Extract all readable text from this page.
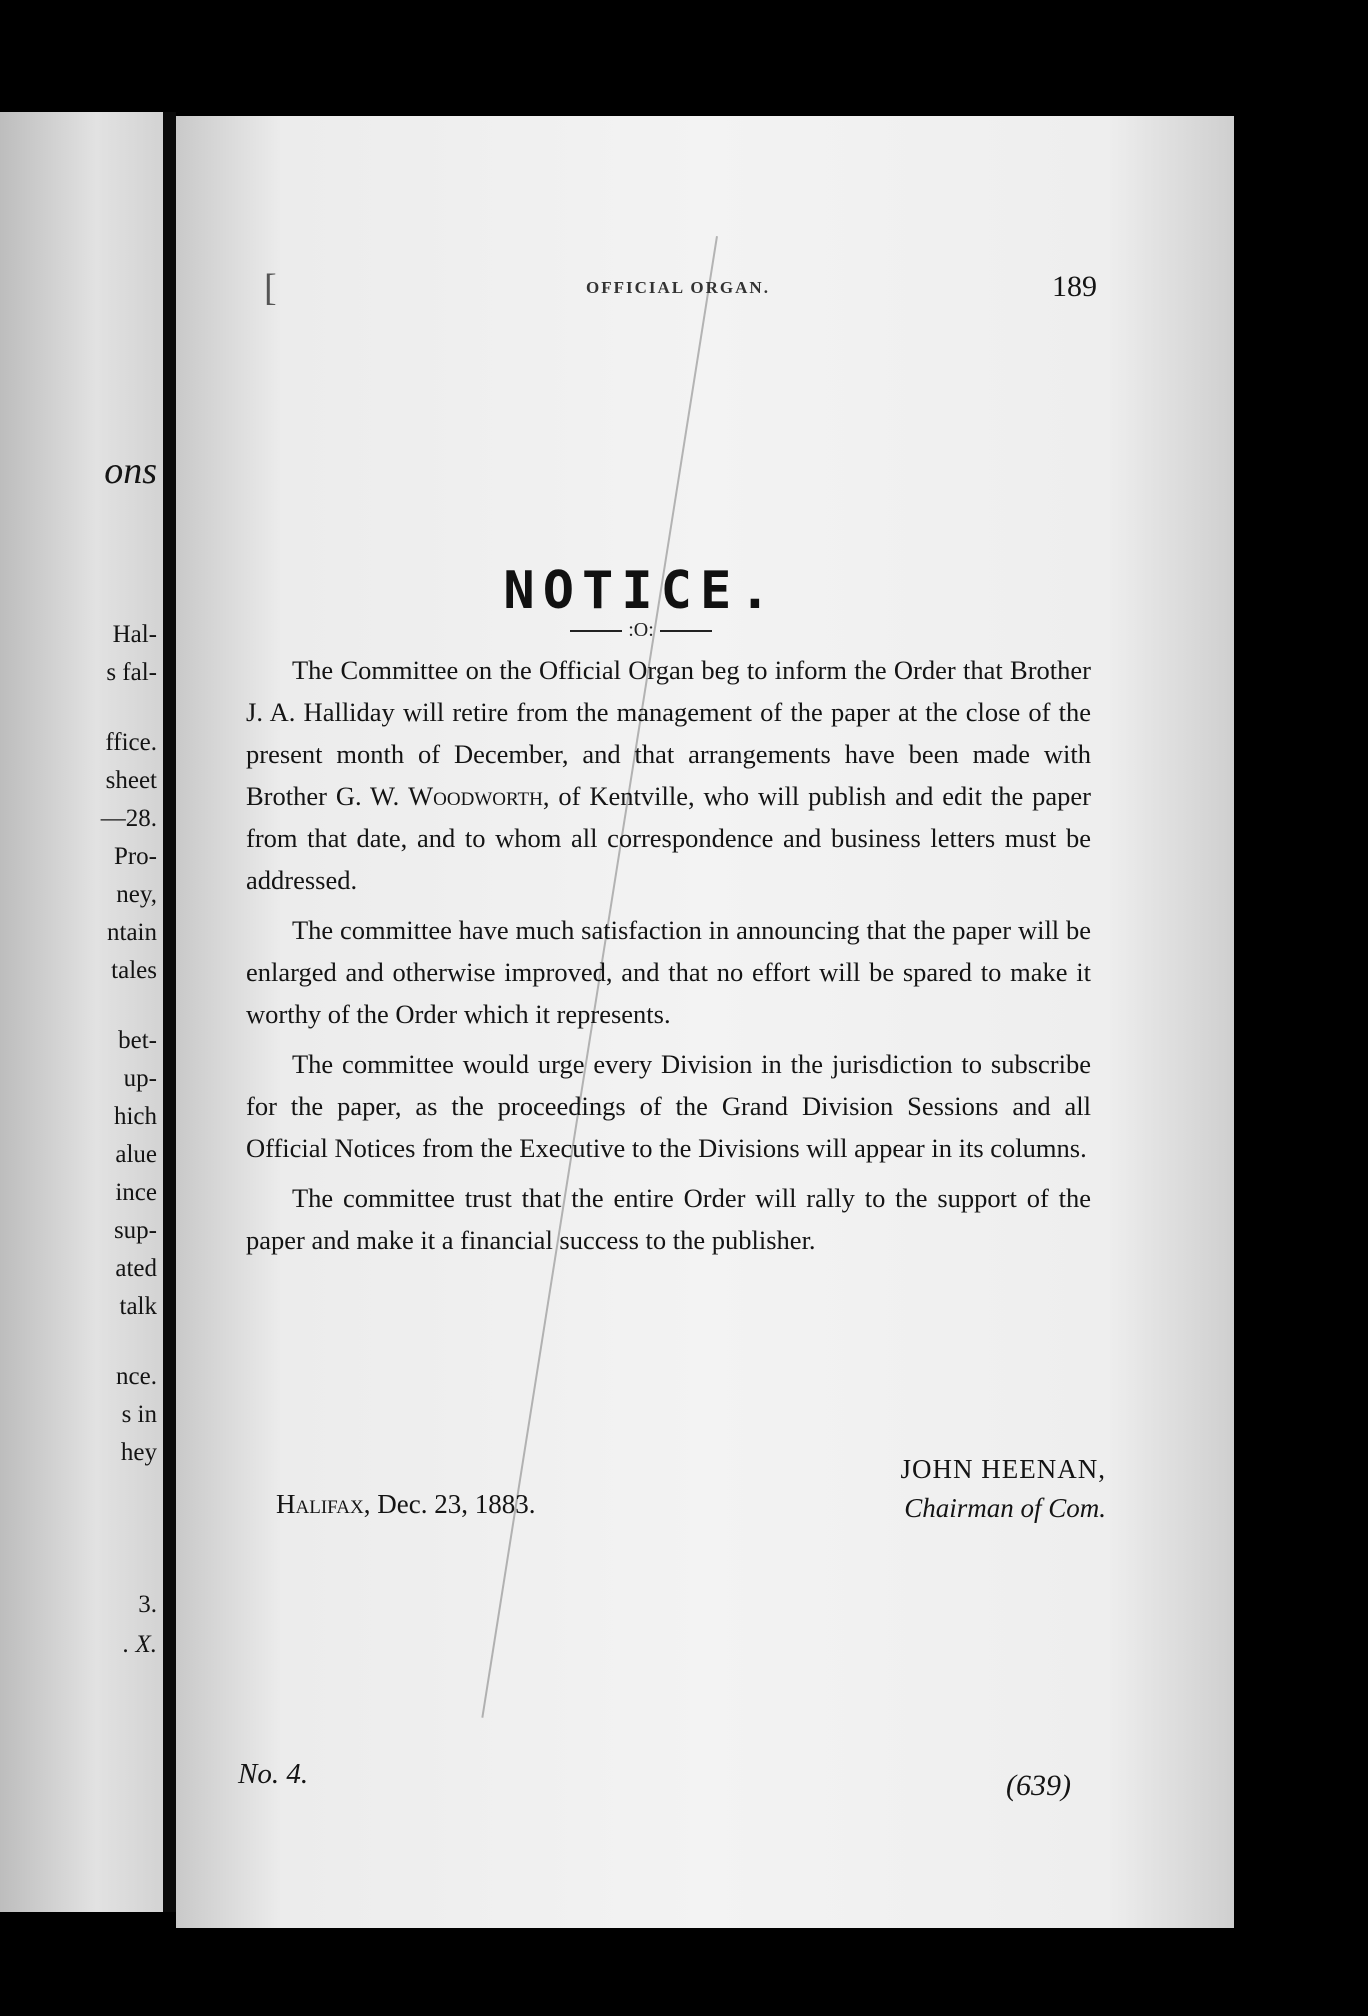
ons
Hal-
s fal-
ffice.
sheet
—28.
Pro-
ney,
ntain
tales
bet-
up-
hich
alue
ince
sup-
ated
talk
nce.
s in
hey
3.
. X.
[	OFFICIAL ORGAN.	189
NOTICE.
:O:

The Committee on the Official Organ beg to inform the Order that Brother J. A. Halliday will retire from the management of the paper at the close of the present month of December, and that arrangements have been made with Brother G. W. Woodworth, of Kentville, who will publish and edit the paper from that date, and to whom all correspondence and business letters must be addressed.

The committee have much satisfaction in announcing that the paper will be enlarged and otherwise improved, and that no effort will be spared to make it worthy of the Order which it represents.

The committee would urge every Division in the jurisdiction to subscribe for the paper, as the proceedings of the Grand Division Sessions and all Official Notices from the Executive to the Divisions will appear in its columns.

The committee trust that the entire Order will rally to the support of the paper and make it a financial success to the publisher.

JOHN HEENAN,
Chairman of Com.
Halifax, Dec. 23, 1883.
No. 4.	(639)
